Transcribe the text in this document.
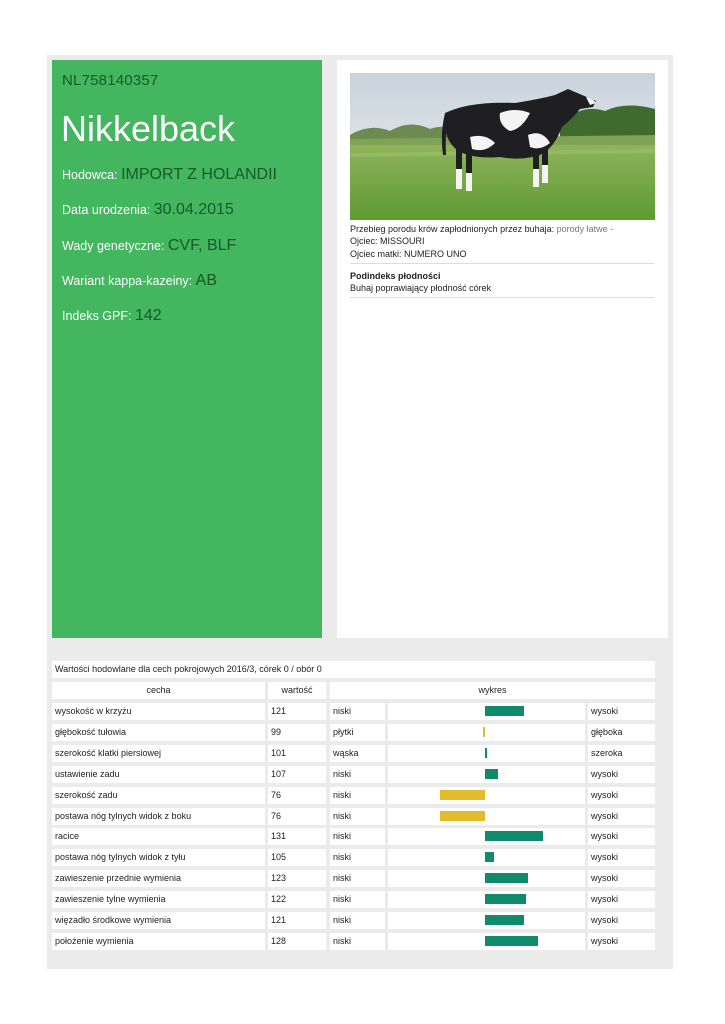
NL758140357
Nikkelback
Hodowca: IMPORT Z HOLANDII
Data urodzenia: 30.04.2015
Wady genetyczne: CVF, BLF
Wariant kappa-kazeiny: AB
Indeks GPF: 142
Przebieg porodu krów zapłodnionych przez buhaja: porody łatwe -
Ojciec: MISSOURI
Ojciec matki: NUMERO UNO
Podindeks płodności
Buhaj poprawiający płodność córek
Wartości hodowlane dla cech pokrojowych 2016/3, córek 0 / obór 0
cecha	wartość	wykres
wysokość w krzyżu	121	niski	wysoki
głębokość tułowia	99	płytki	głęboka
szerokość klatki piersiowej	101	wąska	szeroka
ustawienie zadu	107	niski	wysoki
szerokość zadu	76	niski	wysoki
postawa nóg tylnych widok z boku	76	niski	wysoki
racice	131	niski	wysoki
postawa nóg tylnych widok z tyłu	105	niski	wysoki
zawieszenie przednie wymienia	123	niski	wysoki
zawieszenie tylne wymienia	122	niski	wysoki
więzadło środkowe wymienia	121	niski	wysoki
położenie wymienia	128	niski	wysoki
